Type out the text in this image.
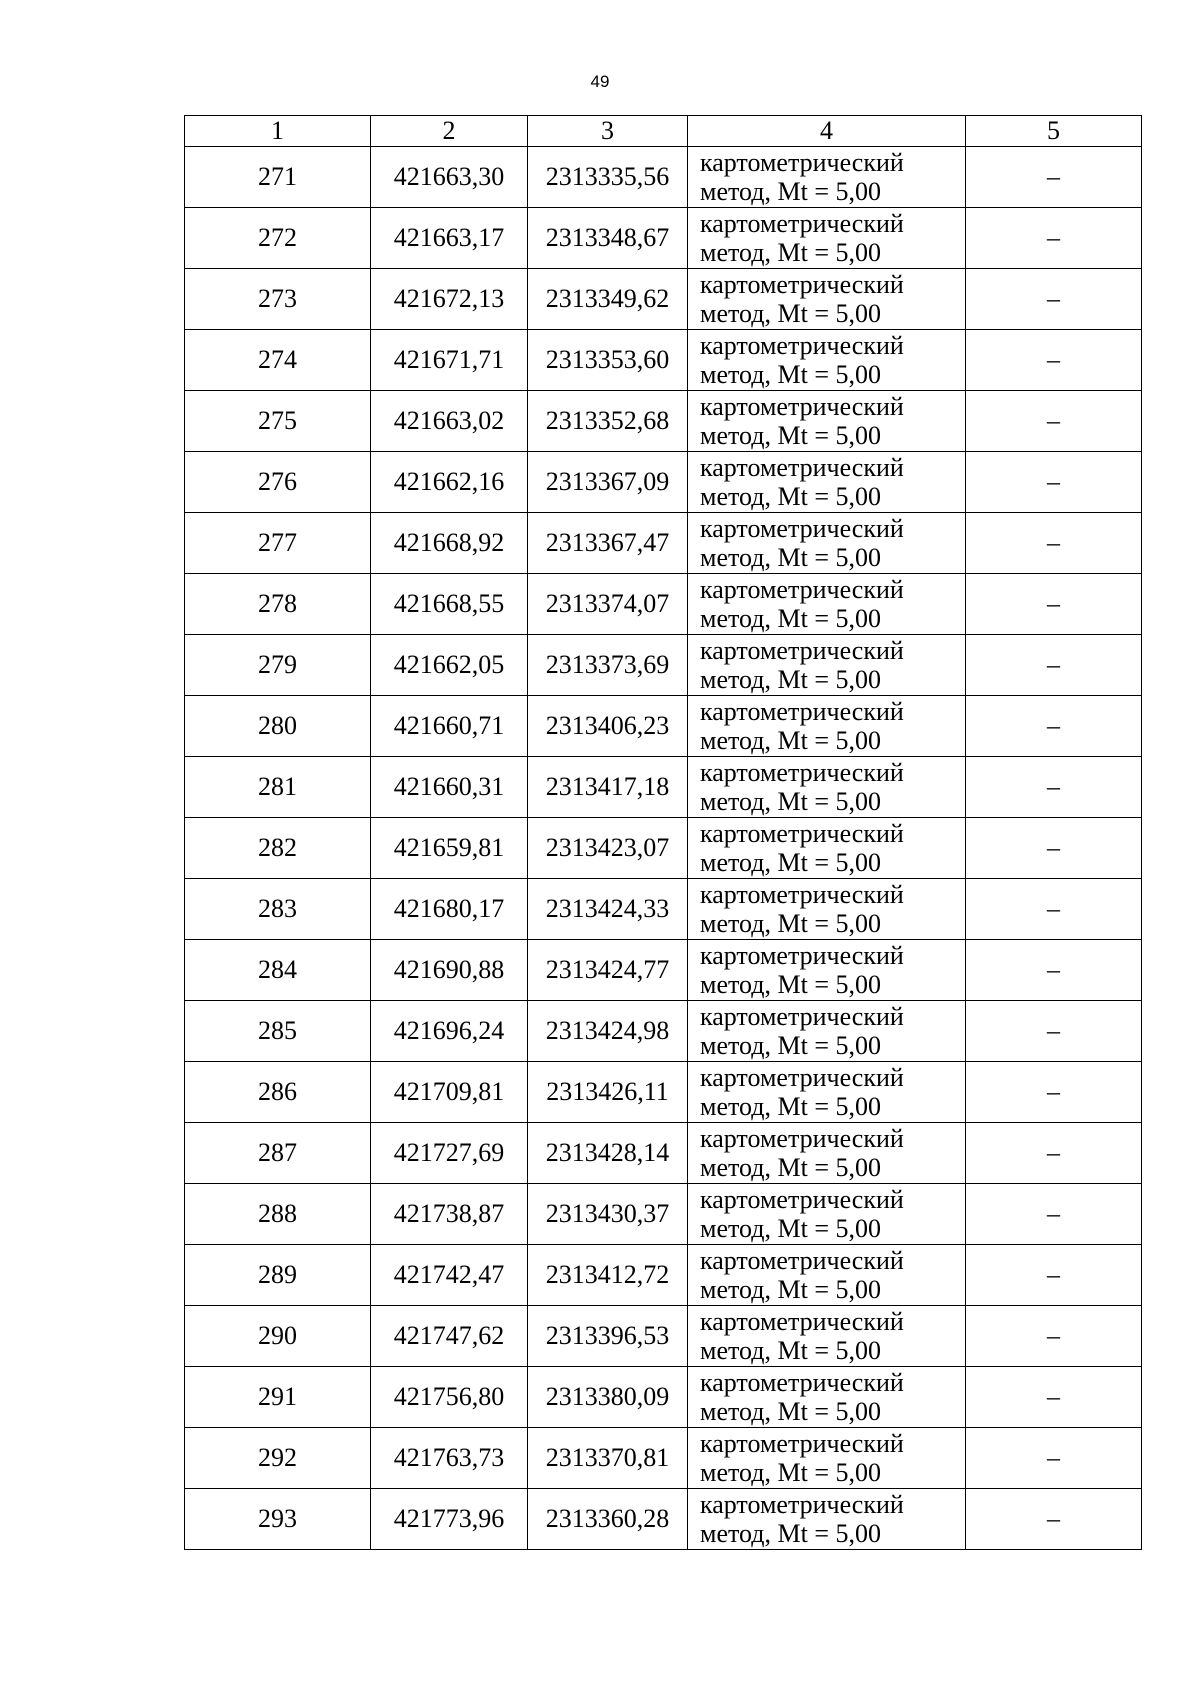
49
1	2	3	4	5
271	421663,30	2313335,56	картометрический
метод, Mt = 5,00	–
272	421663,17	2313348,67	картометрический
метод, Mt = 5,00	–
273	421672,13	2313349,62	картометрический
метод, Mt = 5,00	–
274	421671,71	2313353,60	картометрический
метод, Mt = 5,00	–
275	421663,02	2313352,68	картометрический
метод, Mt = 5,00	–
276	421662,16	2313367,09	картометрический
метод, Mt = 5,00	–
277	421668,92	2313367,47	картометрический
метод, Mt = 5,00	–
278	421668,55	2313374,07	картометрический
метод, Mt = 5,00	–
279	421662,05	2313373,69	картометрический
метод, Mt = 5,00	–
280	421660,71	2313406,23	картометрический
метод, Mt = 5,00	–
281	421660,31	2313417,18	картометрический
метод, Mt = 5,00	–
282	421659,81	2313423,07	картометрический
метод, Mt = 5,00	–
283	421680,17	2313424,33	картометрический
метод, Mt = 5,00	–
284	421690,88	2313424,77	картометрический
метод, Mt = 5,00	–
285	421696,24	2313424,98	картометрический
метод, Mt = 5,00	–
286	421709,81	2313426,11	картометрический
метод, Mt = 5,00	–
287	421727,69	2313428,14	картометрический
метод, Mt = 5,00	–
288	421738,87	2313430,37	картометрический
метод, Mt = 5,00	–
289	421742,47	2313412,72	картометрический
метод, Mt = 5,00	–
290	421747,62	2313396,53	картометрический
метод, Mt = 5,00	–
291	421756,80	2313380,09	картометрический
метод, Mt = 5,00	–
292	421763,73	2313370,81	картометрический
метод, Mt = 5,00	–
293	421773,96	2313360,28	картометрический
метод, Mt = 5,00	–
